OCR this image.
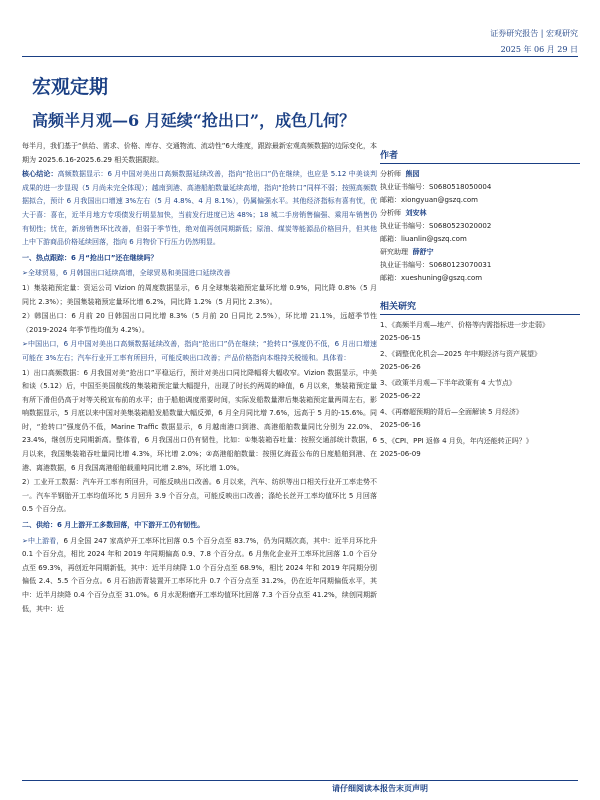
证券研究报告 | 宏观研究
2025 年 06 月 29 日
宏观定期
高频半月观—6 月延续“抢出口”，成色几何？

每半月，我们基于“供给、需求、价格、库存、交通物流、流动性”6大维度，跟踪最新宏观高频数据的边际变化，本期为 2025.6.16-2025.6.29 相关数据跟踪。

核心结论：高频数据显示：6 月中国对美出口高频数据延续改善，指向“抢出口”仍在继续，也应是 5.12 中美谈判成果的进一步显现（5 月尚未完全体现）；越南到港、高港船舶数量延续高增，指向“抢转口”同样不弱；按照高频数据拟合，预计 6 月我国出口增速 3%左右（5 月 4.8%、4 月 8.1%），仍属偏强水平。其他经济指标有喜有忧，优大于喜：喜在，近半月地方专项债发行明显加快，当前发行进度已达 48%；18 城二手房销售偏强、乘用车销售仍有韧性；忧在，新房销售环比改善，但弱于季节性，绝对值再创同期新低；原油、煤炭等能源品价格回升，但其他上中下游商品价格延续回落，指向 6 月物价下行压力仍然明显。

一、热点跟踪：6 月“抢出口”还在继续吗？

➢全球贸易，6 月韩国出口延续高增，全球贸易和美国进口延续改善

1）集装箱预定量：资运公司 Vizion 的周度数据显示，6 月全球集装箱预定量环比增 0.9%，同比降 0.8%（5 月同比 2.3%）；美国集装箱预定量环比增 6.2%，同比降 1.2%（5 月同比 2.3%）。

2）韩国出口：6 月前 20 日韩国出口同比增 8.3%（5 月前 20 日同比 2.5%），环比增 21.1%，远超季节性（2019-2024 年季节性均值为 4.2%）。

➢中国出口，6 月中国对美出口高频数据延续改善，指向“抢出口”仍在继续；“抢转口”强度仍不低，6 月出口增速可能在 3%左右；汽车行业开工率有所回升，可能反映出口改善；产品价格指向本维持关税缓和。具体看：

1）出口高频数据：6 月我国对美“抢出口”平稳运行，预计对美出口同比降幅将大幅收窄。Vizion 数据显示，中美和谈（5.12）后，中国至美国航线的集装箱预定量大幅提升，出现了时长约两周的峰值，6 月以来，集装箱预定量有所下滑但仍高于对等关税宣布前的水平；由于船舶调度需要时间，实际发船数量滞后集装箱预定量两周左右，影响数据显示，5 月底以来中国对美集装箱船发船数量大幅反弹，6 月全月同比增 7.6%，远高于 5 月的-15.6%。同时，“抢转口”强度仍不低，Marine Traffic 数据显示，6 月越南港口到港、高港船舶数量同比分别为 22.0%、23.4%，继创历史同期新高。整体看，6 月我国出口仍有韧性，比如：①集装箱吞吐量：按照交通部统计数据，6 月以来，我国集装箱吞吐量同比增 4.3%，环比增 2.0%；②高港船舶数量：按照亿海蓝公布的日度船舶到港、在港、离港数据，6 月我国离港船舶载重吨同比增 2.8%，环比增 1.0%。

2）工业开工数据：汽车开工率有所回升，可能反映出口改善。6 月以来，汽车、纺织等出口相关行业开工率走势不一。汽车半钢胎开工率均值环比 5 月回升 3.9 个百分点，可能反映出口改善；涤纶长丝开工率均值环比 5 月回落 0.5 个百分点。

二、供给：6 月上游开工多数回落，中下游开工仍有韧性。

➢中上游看，6 月全国 247 家高炉开工率环比回落 0.5 个百分点至 83.7%，仍为同期次高，其中：近半月环比升 0.1 个百分点，相比 2024 年和 2019 年同期偏高 0.9、7.8 个百分点。6 月焦化企业开工率环比回落 1.0 个百分点至 69.3%，再创近年同期新低，其中：近半月续降 1.0 个百分点至 68.9%，相比 2024 年和 2019 年同期分别偏低 2.4、5.5 个百分点。6 月石油沥青装置开工率环比升 0.7 个百分点至 31.2%，仍在近年同期偏低水平，其中：近半月续降 0.4 个百分点至 31.0%。6 月水泥粉磨开工率均值环比回落 7.3 个百分点至 41.2%，续创同期新低，其中：近

作者
分析师 熊园
执业证书编号：S0680518050004
邮箱：xiongyuan@gszq.com
分析师 刘安林
执业证书编号：S0680523020002
邮箱：liuanlin@gszq.com
研究助理 薛舒宁
执业证书编号：S0680123070031
邮箱：xueshuning@gszq.com
相关研究
1、《高频半月观—地产、价格等内需指标进一步走弱》
2025-06-15
2、《调整优化机会—2025 年中期经济与资产展望》
2025-06-26
3、《政策半月观—下半年政策有 4 大节点》
2025-06-22
4、《再磨超预期的背后—全面解读 5 月经济》
2025-06-16
5、《CPI、PPI 返修 4 月负，年内还能转正吗？》
2025-06-09
请仔细阅读本报告末页声明
